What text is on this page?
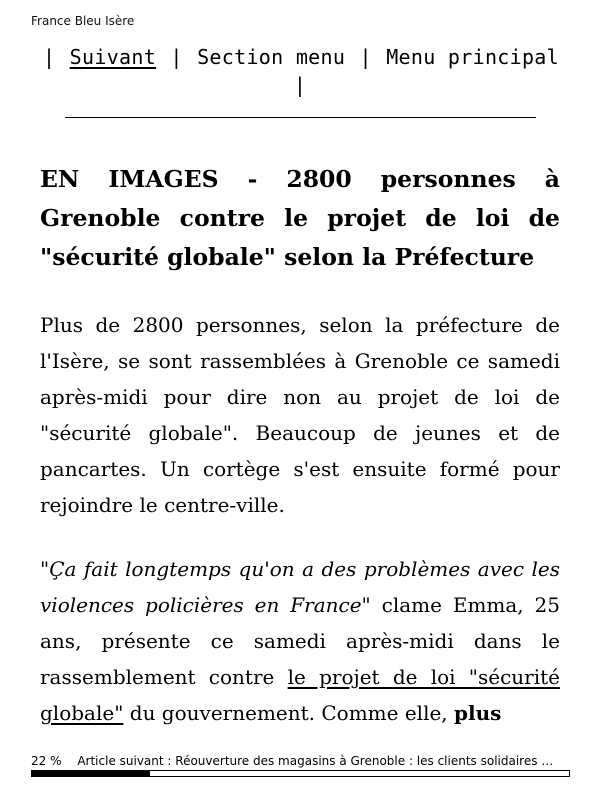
France Bleu Isère
| Suivant | Section menu | Menu principal |
EN IMAGES - 2800 personnes à Grenoble contre le projet de loi de "sécurité globale" selon la Préfecture

Plus de 2800 personnes, selon la préfecture de l'Isère, se sont rassemblées à Grenoble ce samedi après-midi pour dire non au projet de loi de "sécurité globale". Beaucoup de jeunes et de pancartes. Un cortège s'est ensuite formé pour rejoindre le centre-ville.

"Ça fait longtemps qu'on a des problèmes avec les violences policières en France" clame Emma, 25 ans, présente ce samedi après-midi dans le rassemblement contre le projet de loi "sécurité globale" du gouvernement. Comme elle, plus

22 % Article suivant : Réouverture des magasins à Grenoble : les clients solidaires …
